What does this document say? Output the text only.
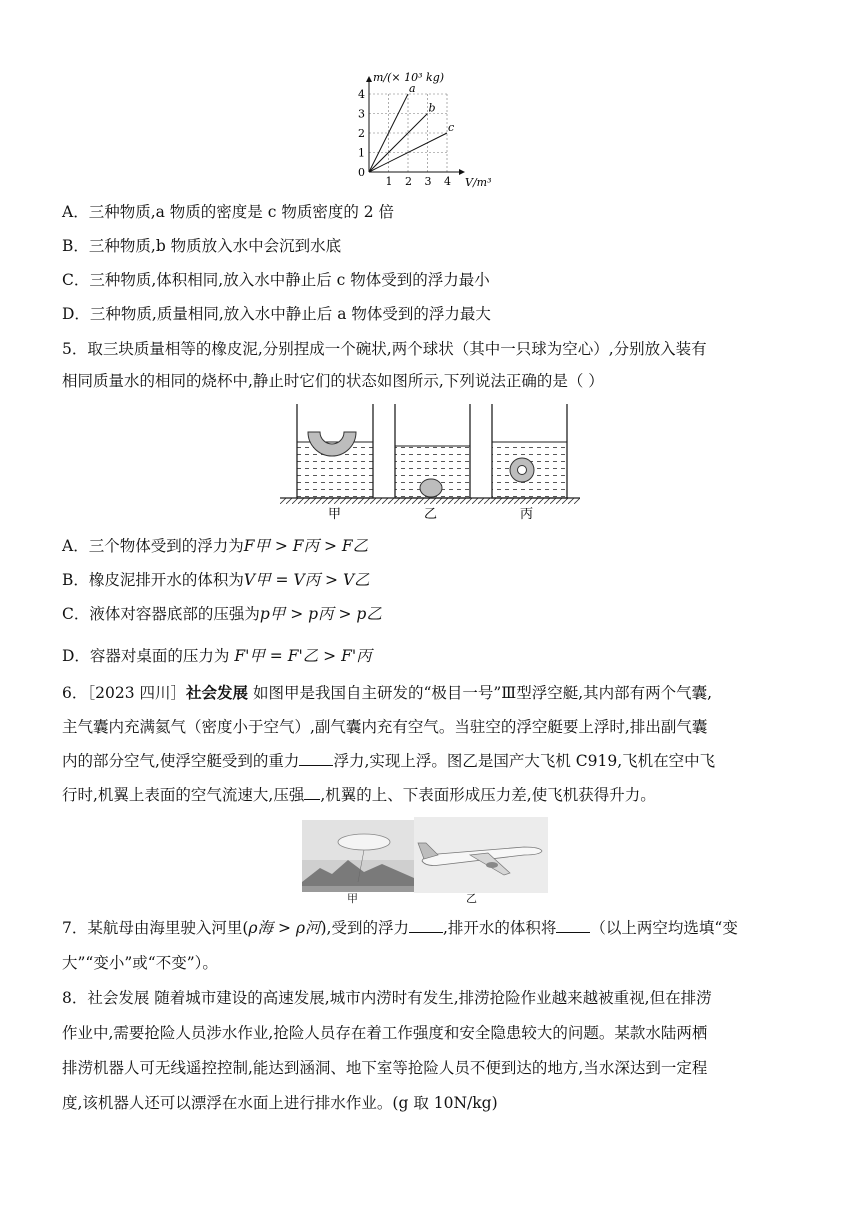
a
b
c
1 2 3 4
0
1
2
3
4
m/(× 10³ kg)
V/m³
A．三种物质,a 物质的密度是 c 物质密度的 2 倍
B．三种物质,b 物质放入水中会沉到水底
C．三种物质,体积相同,放入水中静止后 c 物体受到的浮力最小
D．三种物质,质量相同,放入水中静止后 a 物体受到的浮力最大
5．取三块质量相等的橡皮泥,分别捏成一个碗状,两个球状（其中一只球为空心）,分别放入装有
相同质量水的相同的烧杯中,静止时它们的状态如图所示,下列说法正确的是（ ）
甲	乙	丙
A．三个物体受到的浮力为F甲 > F丙 > F乙
B．橡皮泥排开水的体积为V甲 = V丙 > V乙
C．液体对容器底部的压强为p甲 > p丙 > p乙
D．容器对桌面的压力为 F'甲 = F'乙 > F'丙
6．［2023 四川］社会发展 如图甲是我国自主研发的“极目一号”Ⅲ型浮空艇,其内部有两个气囊,
主气囊内充满氦气（密度小于空气）,副气囊内充有空气。当驻空的浮空艇要上浮时,排出副气囊
内的部分空气,使浮空艇受到的重力 浮力,实现上浮。图乙是国产大飞机 C919,飞机在空中飞
行时,机翼上表面的空气流速大,压强 ,机翼的上、下表面形成压力差,使飞机获得升力。
甲	乙
7．某航母由海里驶入河里(ρ海 > ρ河),受到的浮力 ,排开水的体积将 （以上两空均选填“变
大”“变小”或“不变”）。
8．社会发展 随着城市建设的高速发展,城市内涝时有发生,排涝抢险作业越来越被重视,但在排涝
作业中,需要抢险人员涉水作业,抢险人员存在着工作强度和安全隐患较大的问题。某款水陆两栖
排涝机器人可无线遥控控制,能达到涵洞、地下室等抢险人员不便到达的地方,当水深达到一定程
度,该机器人还可以漂浮在水面上进行排水作业。(g 取 10N/kg)
